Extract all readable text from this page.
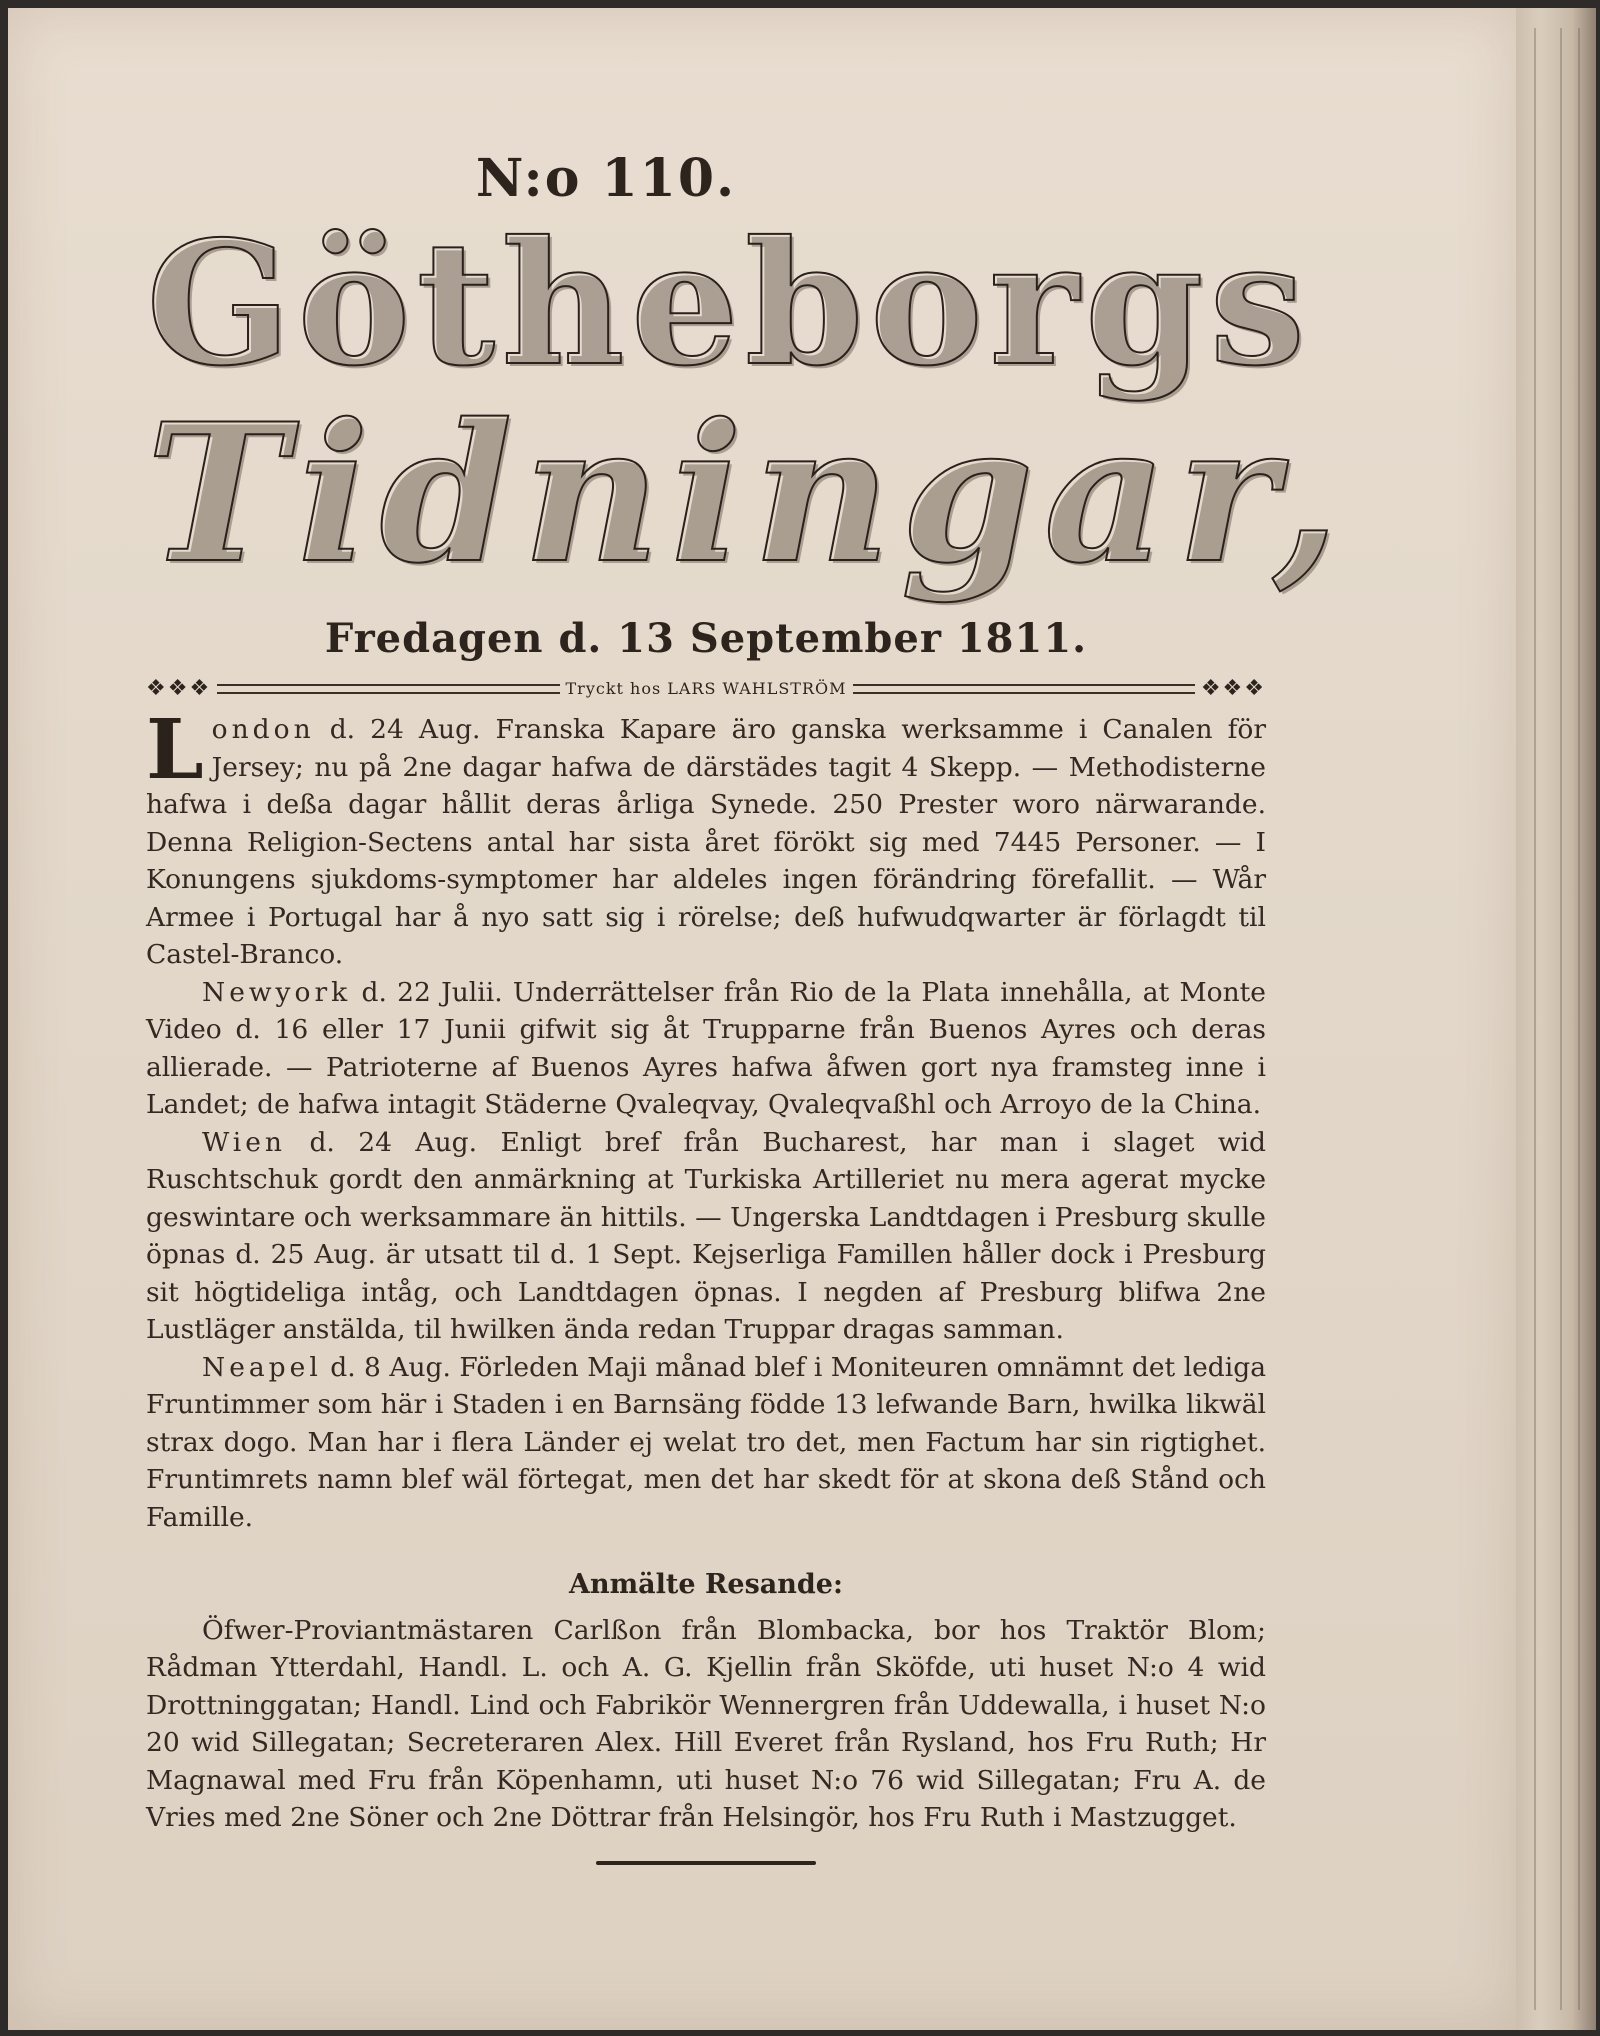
N:o 110.
Götheborgs
Tidningar,
Fredagen d. 13 September 1811.
❖❖❖	Tryckt hos LARS WAHLSTRÖM	❖❖❖

London d. 24 Aug. Franska Kapare äro ganska werksamme i Canalen för Jersey; nu på 2ne dagar hafwa de därstädes tagit 4 Skepp. — Methodisterne hafwa i deßa dagar hållit deras årliga Synede. 250 Prester woro närwarande. Denna Religion-Sectens antal har sista året förökt sig med 7445 Personer. — I Konungens sjukdoms-symptomer har aldeles ingen förändring förefallit. — Wår Armee i Portugal har å nyo satt sig i rörelse; deß hufwudqwarter är förlagdt til Castel-Branco.

Newyork d. 22 Julii. Underrättelser från Rio de la Plata innehålla, at Monte Video d. 16 eller 17 Junii gifwit sig åt Trupparne från Buenos Ayres och deras allierade. — Patrioterne af Buenos Ayres hafwa åfwen gort nya framsteg inne i Landet; de hafwa intagit Städerne Qvaleqvay, Qvaleqvaßhl och Arroyo de la China.

Wien d. 24 Aug. Enligt bref från Bucharest, har man i slaget wid Ruschtschuk gordt den anmärkning at Turkiska Artilleriet nu mera agerat mycke geswintare och werksammare än hittils. — Ungerska Landtdagen i Presburg skulle öpnas d. 25 Aug. är utsatt til d. 1 Sept. Kejserliga Famillen håller dock i Presburg sit högtideliga intåg, och Landtdagen öpnas. I negden af Presburg blifwa 2ne Lustläger anstälda, til hwilken ända redan Truppar dragas samman.

Neapel d. 8 Aug. Förleden Maji månad blef i Moniteuren omnämnt det lediga Fruntimmer som här i Staden i en Barnsäng födde 13 lefwande Barn, hwilka likwäl strax dogo. Man har i flera Länder ej welat tro det, men Factum har sin rigtighet. Fruntimrets namn blef wäl förtegat, men det har skedt för at skona deß Stånd och Famille.

Anmälte Resande:

Öfwer-Proviantmästaren Carlßon från Blombacka, bor hos Traktör Blom; Rådman Ytterdahl, Handl. L. och A. G. Kjellin från Sköfde, uti huset N:o 4 wid Drottninggatan; Handl. Lind och Fabrikör Wennergren från Uddewalla, i huset N:o 20 wid Sillegatan; Secreteraren Alex. Hill Everet från Rysland, hos Fru Ruth; Hr Magnawal med Fru från Köpenhamn, uti huset N:o 76 wid Sillegatan; Fru A. de Vries med 2ne Söner och 2ne Döttrar från Helsingör, hos Fru Ruth i Mastzugget.
